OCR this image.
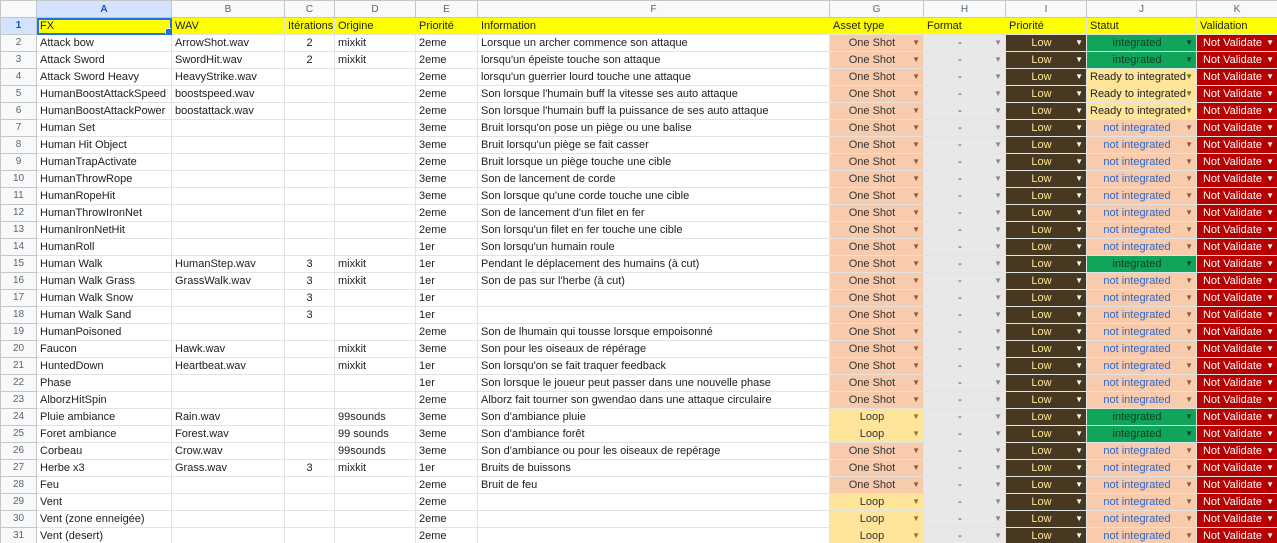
	A	B	C	D	E	F	G	H	I	J	K
1	FX	WAV	Itérations	Origine	Priorité	Information	Asset type	Format	Priorité	Statut	Validation
2	Attack bow	ArrowShot.wav	2	mixkit	2eme	Lorsque un archer commence son attaque	One Shot ▼	- ▼	Low ▼	integrated ▼	Not Validate ▼

3	Attack Sword	SwordHit.wav	2	mixkit	2eme	lorsqu'un épeiste touche son attaque	One Shot ▼	- ▼	Low ▼	integrated ▼	Not Validate ▼

4	Attack Sword Heavy	HeavyStrike.wav			2eme	lorsqu'un guerrier lourd touche une attaque	One Shot ▼	- ▼	Low ▼	Ready to integrated ▼	Not Validate ▼

5	HumanBoostAttackSpeed	boostspeed.wav			2eme	Son lorsque l'humain buff la vitesse ses auto attaque	One Shot ▼	- ▼	Low ▼	Ready to integrated ▼	Not Validate ▼

6	HumanBoostAttackPower	boostattack.wav			2eme	Son lorsque l'humain buff la puissance de ses auto attaque	One Shot ▼	- ▼	Low ▼	Ready to integrated ▼	Not Validate ▼

7	Human Set				3eme	Bruit lorsqu'on pose un piège ou une balise	One Shot ▼	- ▼	Low ▼	not integrated ▼	Not Validate ▼

8	Human Hit Object				3eme	Bruit lorsqu'un piège se fait casser	One Shot ▼	- ▼	Low ▼	not integrated ▼	Not Validate ▼

9	HumanTrapActivate				2eme	Bruit lorsque un piège touche une cible	One Shot ▼	- ▼	Low ▼	not integrated ▼	Not Validate ▼

10	HumanThrowRope				3eme	Son de lancement de corde	One Shot ▼	- ▼	Low ▼	not integrated ▼	Not Validate ▼

11	HumanRopeHit				3eme	Son lorsque qu'une corde touche une cible	One Shot ▼	- ▼	Low ▼	not integrated ▼	Not Validate ▼

12	HumanThrowIronNet				2eme	Son de lancement d'un filet en fer	One Shot ▼	- ▼	Low ▼	not integrated ▼	Not Validate ▼

13	HumanIronNetHit				2eme	Son lorsqu'un filet en fer touche une cible	One Shot ▼	- ▼	Low ▼	not integrated ▼	Not Validate ▼

14	HumanRoll				1er	Son lorsqu'un humain roule	One Shot ▼	- ▼	Low ▼	not integrated ▼	Not Validate ▼

15	Human Walk	HumanStep.wav	3	mixkit	1er	Pendant le déplacement des humains (à cut)	One Shot ▼	- ▼	Low ▼	integrated ▼	Not Validate ▼

16	Human Walk Grass	GrassWalk.wav	3	mixkit	1er	Son de pas sur l'herbe (à cut)	One Shot ▼	- ▼	Low ▼	not integrated ▼	Not Validate ▼

17	Human Walk Snow		3		1er		One Shot ▼	- ▼	Low ▼	not integrated ▼	Not Validate ▼

18	Human Walk Sand		3		1er		One Shot ▼	- ▼	Low ▼	not integrated ▼	Not Validate ▼

19	HumanPoisoned				2eme	Son de lhumain qui tousse lorsque empoisonné	One Shot ▼	- ▼	Low ▼	not integrated ▼	Not Validate ▼

20	Faucon	Hawk.wav		mixkit	3eme	Son pour les oiseaux de répérage	One Shot ▼	- ▼	Low ▼	not integrated ▼	Not Validate ▼

21	HuntedDown	Heartbeat.wav		mixkit	1er	Son lorsqu'on se fait traquer feedback	One Shot ▼	- ▼	Low ▼	not integrated ▼	Not Validate ▼

22	Phase				1er	Son lorsque le joueur peut passer dans une nouvelle phase	One Shot ▼	- ▼	Low ▼	not integrated ▼	Not Validate ▼

23	AlborzHitSpin				2eme	Alborz fait tourner son gwendao dans une attaque circulaire	One Shot ▼	- ▼	Low ▼	not integrated ▼	Not Validate ▼

24	Pluie ambiance	Rain.wav		99sounds	3eme	Son d'ambiance pluie	Loop ▼	- ▼	Low ▼	integrated ▼	Not Validate ▼

25	Foret ambiance	Forest.wav		99 sounds	3eme	Son d'ambiance forêt	Loop ▼	- ▼	Low ▼	integrated ▼	Not Validate ▼

26	Corbeau	Crow.wav		99sounds	3eme	Son d'ambiance ou pour les oiseaux de repérage	One Shot ▼	- ▼	Low ▼	not integrated ▼	Not Validate ▼

27	Herbe x3	Grass.wav	3	mixkit	1er	Bruits de buissons	One Shot ▼	- ▼	Low ▼	not integrated ▼	Not Validate ▼

28	Feu				2eme	Bruit de feu	One Shot ▼	- ▼	Low ▼	not integrated ▼	Not Validate ▼

29	Vent				2eme		Loop ▼	- ▼	Low ▼	not integrated ▼	Not Validate ▼

30	Vent (zone enneigée)				2eme		Loop ▼	- ▼	Low ▼	not integrated ▼	Not Validate ▼

31	Vent (desert)				2eme		Loop ▼	- ▼	Low ▼	not integrated ▼	Not Validate ▼
